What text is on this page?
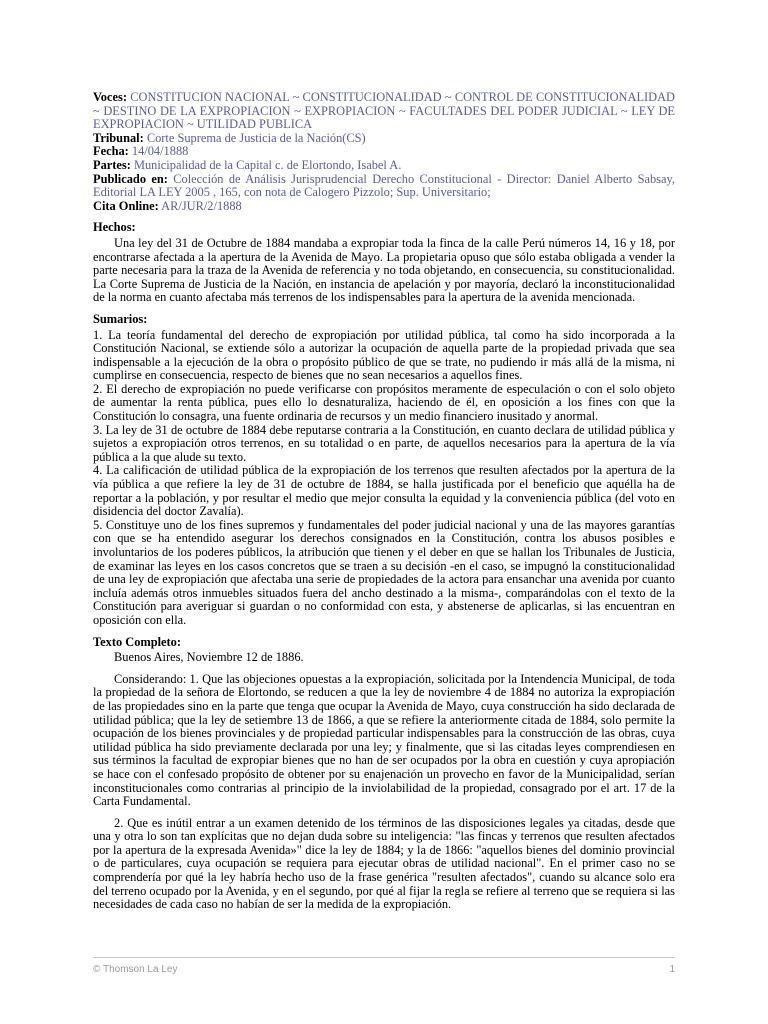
Voces: CONSTITUCION NACIONAL ~ CONSTITUCIONALIDAD ~ CONTROL DE CONSTITUCIONALIDAD ~ DESTINO DE LA EXPROPIACION ~ EXPROPIACION ~ FACULTADES DEL PODER JUDICIAL ~ LEY DE EXPROPIACION ~ UTILIDAD PUBLICA

Tribunal: Corte Suprema de Justicia de la Nación(CS)

Fecha: 14/04/1888

Partes: Municipalidad de la Capital c. de Elortondo, Isabel A.

Publicado en: Colección de Análisis Jurisprudencial Derecho Constitucional - Director: Daniel Alberto Sabsay, Editorial LA LEY 2005 , 165, con nota de Calogero Pizzolo; Sup. Universitario;

Cita Online: AR/JUR/2/1888

Hechos:

Una ley del 31 de Octubre de 1884 mandaba a expropiar toda la finca de la calle Perú números 14, 16 y 18, por encontrarse afectada a la apertura de la Avenida de Mayo. La propietaria opuso que sólo estaba obligada a vender la parte necesaria para la traza de la Avenida de referencia y no toda objetando, en consecuencia, su constitucionalidad. La Corte Suprema de Justicia de la Nación, en instancia de apelación y por mayoría, declaró la inconstitucionalidad de la norma en cuanto afectaba más terrenos de los indispensables para la apertura de la avenida mencionada.

Sumarios:

1. La teoría fundamental del derecho de expropiación por utilidad pública, tal como ha sido incorporada a la Constitución Nacional, se extiende sólo a autorizar la ocupación de aquella parte de la propiedad privada que sea indispensable a la ejecución de la obra o propósito público de que se trate, no pudiendo ir más allá de la misma, ni cumplirse en consecuencia, respecto de bienes que no sean necesarios a aquellos fines.

2. El derecho de expropiación no puede verificarse con propósitos meramente de especulación o con el solo objeto de aumentar la renta pública, pues ello lo desnaturaliza, haciendo de él, en oposición a los fines con que la Constitución lo consagra, una fuente ordinaria de recursos y un medio financiero inusitado y anormal.

3. La ley de 31 de octubre de 1884 debe reputarse contraria a la Constitución, en cuanto declara de utilidad pública y sujetos a expropiación otros terrenos, en su totalidad o en parte, de aquellos necesarios para la apertura de la vía pública a la que alude su texto.

4. La calificación de utilidad pública de la expropiación de los terrenos que resulten afectados por la apertura de la vía pública a que refiere la ley de 31 de octubre de 1884, se halla justificada por el beneficio que aquélla ha de reportar a la población, y por resultar el medio que mejor consulta la equidad y la conveniencia pública (del voto en disidencia del doctor Zavalía).

5. Constituye uno de los fines supremos y fundamentales del poder judicial nacional y una de las mayores garantías con que se ha entendido asegurar los derechos consignados en la Constitución, contra los abusos posibles e involuntarios de los poderes públicos, la atribución que tienen y el deber en que se hallan los Tribunales de Justicia, de examinar las leyes en los casos concretos que se traen a su decisión -en el caso, se impugnó la constitucionalidad de una ley de expropiación que afectaba una serie de propiedades de la actora para ensanchar una avenida por cuanto incluía además otros inmuebles situados fuera del ancho destinado a la misma-, comparándolas con el texto de la Constitución para averiguar si guardan o no conformidad con esta, y abstenerse de aplicarlas, si las encuentran en oposición con ella.

Texto Completo:

Buenos Aires, Noviembre 12 de 1886.

Considerando: 1. Que las objeciones opuestas a la expropiación, solicitada por la Intendencia Municipal, de toda la propiedad de la señora de Elortondo, se reducen a que la ley de noviembre 4 de 1884 no autoriza la expropiación de las propiedades sino en la parte que tenga que ocupar la Avenida de Mayo, cuya construcción ha sido declarada de utilidad pública; que la ley de setiembre 13 de 1866, a que se refiere la anteriormente citada de 1884, solo permite la ocupación de los bienes provinciales y de propiedad particular indispensables para la construcción de las obras, cuya utilidad pública ha sido previamente declarada por una ley; y finalmente, que si las citadas leyes comprendiesen en sus términos la facultad de expropiar bienes que no han de ser ocupados por la obra en cuestión y cuya apropiación se hace con el confesado propósito de obtener por su enajenación un provecho en favor de la Municipalidad, serían inconstitucionales como contrarias al principio de la inviolabilidad de la propiedad, consagrado por el art. 17 de la Carta Fundamental.

2. Que es inútil entrar a un examen detenido de los términos de las disposiciones legales ya citadas, desde que una y otra lo son tan explícitas que no dejan duda sobre su inteligencia: "las fincas y terrenos que resulten afectados por la apertura de la expresada Avenida»" dice la ley de 1884; y la de 1866: "aquellos bienes del dominio provincial o de particulares, cuya ocupación se requiera para ejecutar obras de utilidad nacional". En el primer caso no se comprendería por qué la ley habría hecho uso de la frase genérica "resulten afectados", cuando su alcance solo era del terreno ocupado por la Avenida, y en el segundo, por qué al fijar la regla se refiere al terreno que se requiera si las necesidades de cada caso no habían de ser la medida de la expropiación.

© Thomson La Ley	1
